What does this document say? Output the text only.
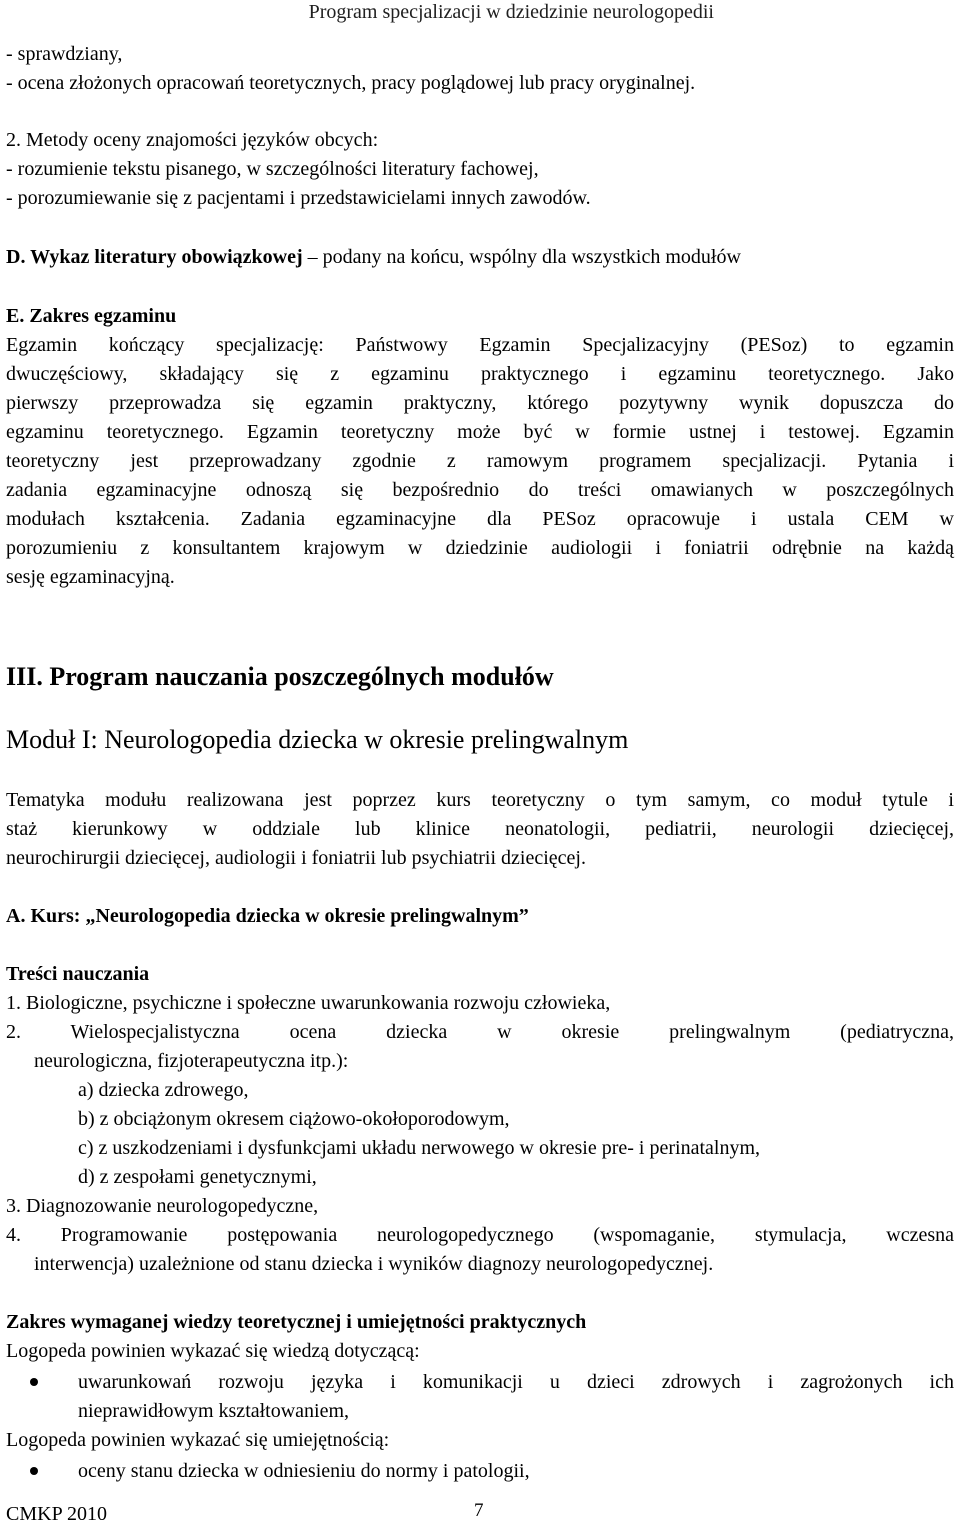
Program specjalizacji w dziedzinie neurologopedii
- sprawdziany,
- ocena złożonych opracowań teoretycznych, pracy poglądowej lub pracy oryginalnej.
2. Metody oceny znajomości języków obcych:
- rozumienie tekstu pisanego, w szczególności literatury fachowej,
- porozumiewanie się z pacjentami i przedstawicielami innych zawodów.
D. Wykaz literatury obowiązkowej – podany na końcu, wspólny dla wszystkich modułów
E. Zakres egzaminu
Egzamin kończący specjalizację: Państwowy Egzamin Specjalizacyjny (PESoz) to egzamin
dwuczęściowy, składający się z egzaminu praktycznego i egzaminu teoretycznego. Jako
pierwszy przeprowadza się egzamin praktyczny, którego pozytywny wynik dopuszcza do
egzaminu teoretycznego. Egzamin teoretyczny może być w formie ustnej i testowej. Egzamin
teoretyczny jest przeprowadzany zgodnie z ramowym programem specjalizacji. Pytania i
zadania egzaminacyjne odnoszą się bezpośrednio do treści omawianych w poszczególnych
modułach kształcenia. Zadania egzaminacyjne dla PESoz opracowuje i ustala CEM w
porozumieniu z konsultantem krajowym w dziedzinie audiologii i foniatrii odrębnie na każdą
sesję egzaminacyjną.
III. Program nauczania poszczególnych modułów
Moduł I: Neurologopedia dziecka w okresie prelingwalnym
Tematyka modułu realizowana jest poprzez kurs teoretyczny o tym samym, co moduł tytule i
staż kierunkowy w oddziale lub klinice neonatologii, pediatrii, neurologii dziecięcej,
neurochirurgii dziecięcej, audiologii i foniatrii lub psychiatrii dziecięcej.
A. Kurs: „Neurologopedia dziecka w okresie prelingwalnym”
Treści nauczania
1. Biologiczne, psychiczne i społeczne uwarunkowania rozwoju człowieka,
2. Wielospecjalistyczna ocena dziecka w okresie prelingwalnym (pediatryczna,
neurologiczna, fizjoterapeutyczna itp.):
a) dziecka zdrowego,
b) z obciążonym okresem ciążowo-okołoporodowym,
c) z uszkodzeniami i dysfunkcjami układu nerwowego w okresie pre- i perinatalnym,
d) z zespołami genetycznymi,
3. Diagnozowanie neurologopedyczne,
4. Programowanie postępowania neurologopedycznego (wspomaganie, stymulacja, wczesna
interwencja) uzależnione od stanu dziecka i wyników diagnozy neurologopedycznej.
Zakres wymaganej wiedzy teoretycznej i umiejętności praktycznych
Logopeda powinien wykazać się wiedzą dotyczącą:
uwarunkowań rozwoju języka i komunikacji u dzieci zdrowych i zagrożonych ich
nieprawidłowym kształtowaniem,
Logopeda powinien wykazać się umiejętnością:
oceny stanu dziecka w odniesieniu do normy i patologii,
CMKP 2010	7
